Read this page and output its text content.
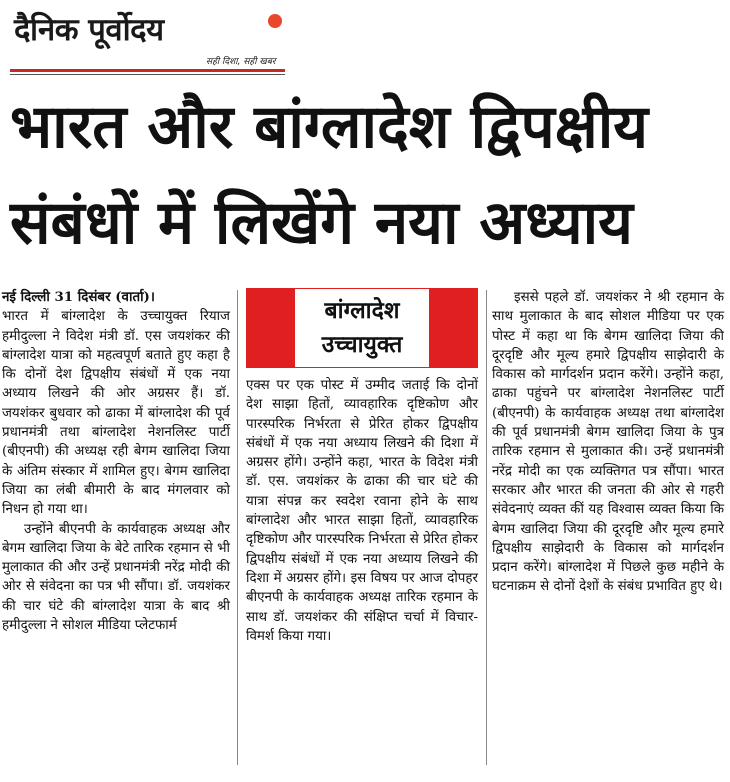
दैनिक पूर्वोदय
सही दिशा, सही खबर
भारत और बांग्लादेश द्विपक्षीय
संबंधों में लिखेंगे नया अध्याय

नई दिल्ली 31 दिसंबर (वार्ता)।

भारत में बांग्लादेश के उच्चायुक्त रियाज हमीदुल्ला ने विदेश मंत्री डॉ. एस जयशंकर की बांग्लादेश यात्रा को महत्वपूर्ण बताते हुए कहा है कि दोनों देश द्विपक्षीय संबंधों में एक नया अध्याय लिखने की ओर अग्रसर हैं। डॉ. जयशंकर बुधवार को ढाका में बांग्लादेश की पूर्व प्रधानमंत्री तथा बांग्लादेश नेशनलिस्ट पार्टी (बीएनपी) की अध्यक्ष रही बेगम खालिदा जिया के अंतिम संस्कार में शामिल हुए। बेगम खालिदा जिया का लंबी बीमारी के बाद मंगलवार को निधन हो गया था।

उन्होंने बीएनपी के कार्यवाहक अध्यक्ष और बेगम खालिदा जिया के बेटे तारिक रहमान से भी मुलाकात की और उन्हें प्रधानमंत्री नरेंद्र मोदी की ओर से संवेदना का पत्र भी सौंपा। डॉ. जयशंकर की चार घंटे की बांग्लादेश यात्रा के बाद श्री हमीदुल्ला ने सोशल मीडिया प्लेटफार्म

बांग्लादेश
उच्चायुक्त

एक्स पर एक पोस्ट में उम्मीद जताई कि दोनों देश साझा हितों, व्यावहारिक दृष्टिकोण और पारस्परिक निर्भरता से प्रेरित होकर द्विपक्षीय संबंधों में एक नया अध्याय लिखने की दिशा में अग्रसर होंगे। उन्होंने कहा, भारत के विदेश मंत्री डॉ. एस. जयशंकर के ढाका की चार घंटे की यात्रा संपन्न कर स्वदेश रवाना होने के साथ बांग्लादेश और भारत साझा हितों, व्यावहारिक दृष्टिकोण और पारस्परिक निर्भरता से प्रेरित होकर द्विपक्षीय संबंधों में एक नया अध्याय लिखने की दिशा में अग्रसर होंगे। इस विषय पर आज दोपहर बीएनपी के कार्यवाहक अध्यक्ष तारिक रहमान के साथ डॉ. जयशंकर की संक्षिप्त चर्चा में विचार-विमर्श किया गया।

इससे पहले डॉ. जयशंकर ने श्री रहमान के साथ मुलाकात के बाद सोशल मीडिया पर एक पोस्ट में कहा था कि बेगम खालिदा जिया की दूरदृष्टि और मूल्य हमारे द्विपक्षीय साझेदारी के विकास को मार्गदर्शन प्रदान करेंगे। उन्होंने कहा, ढाका पहुंचने पर बांग्लादेश नेशनलिस्ट पार्टी (बीएनपी) के कार्यवाहक अध्यक्ष तथा बांग्लादेश की पूर्व प्रधानमंत्री बेगम खालिदा जिया के पुत्र तारिक रहमान से मुलाकात की। उन्हें प्रधानमंत्री नरेंद्र मोदी का एक व्यक्तिगत पत्र सौंपा। भारत सरकार और भारत की जनता की ओर से गहरी संवेदनाएं व्यक्त कीं यह विश्वास व्यक्त किया कि बेगम खालिदा जिया की दूरदृष्टि और मूल्य हमारे द्विपक्षीय साझेदारी के विकास को मार्गदर्शन प्रदान करेंगे। बांग्लादेश में पिछले कुछ महीने के घटनाक्रम से दोनों देशों के संबंध प्रभावित हुए थे।
